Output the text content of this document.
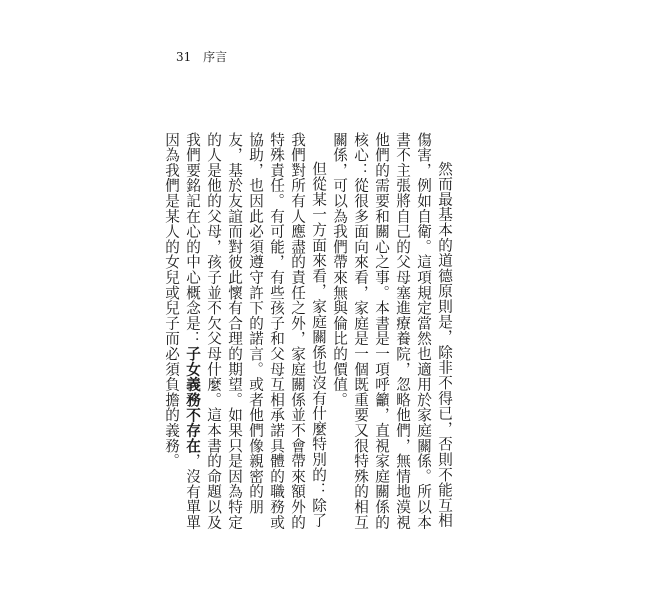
31 序言

然而最基本的道德原則是，除非不得已，否則不能互相傷害，例如自衛。這項規定當然也適用於家庭關係。所以本書不主張將自己的父母塞進療養院，忽略他們，無情地漠視他們的需要和關心之事。本書是一項呼籲，直視家庭關係的核心：從很多面向來看，家庭是一個既重要又很特殊的相互關係，可以為我們帶來無與倫比的價值。

但從某一方面來看，家庭關係也沒有什麼特別的：除了我們對所有人應盡的責任之外，家庭關係並不會帶來額外的特殊責任。有可能，有些孩子和父母互相承諾具體的職務或協助，也因此必須遵守許下的諾言。或者他們像親密的朋友，基於友誼而對彼此懷有合理的期望。如果只是因為特定的人是他的父母，孩子並不欠父母什麼。這本書的命題以及我們要銘記在心的中心概念是：子女義務不存在，沒有單單因為我們是某人的女兒或兒子而必須負擔的義務。
